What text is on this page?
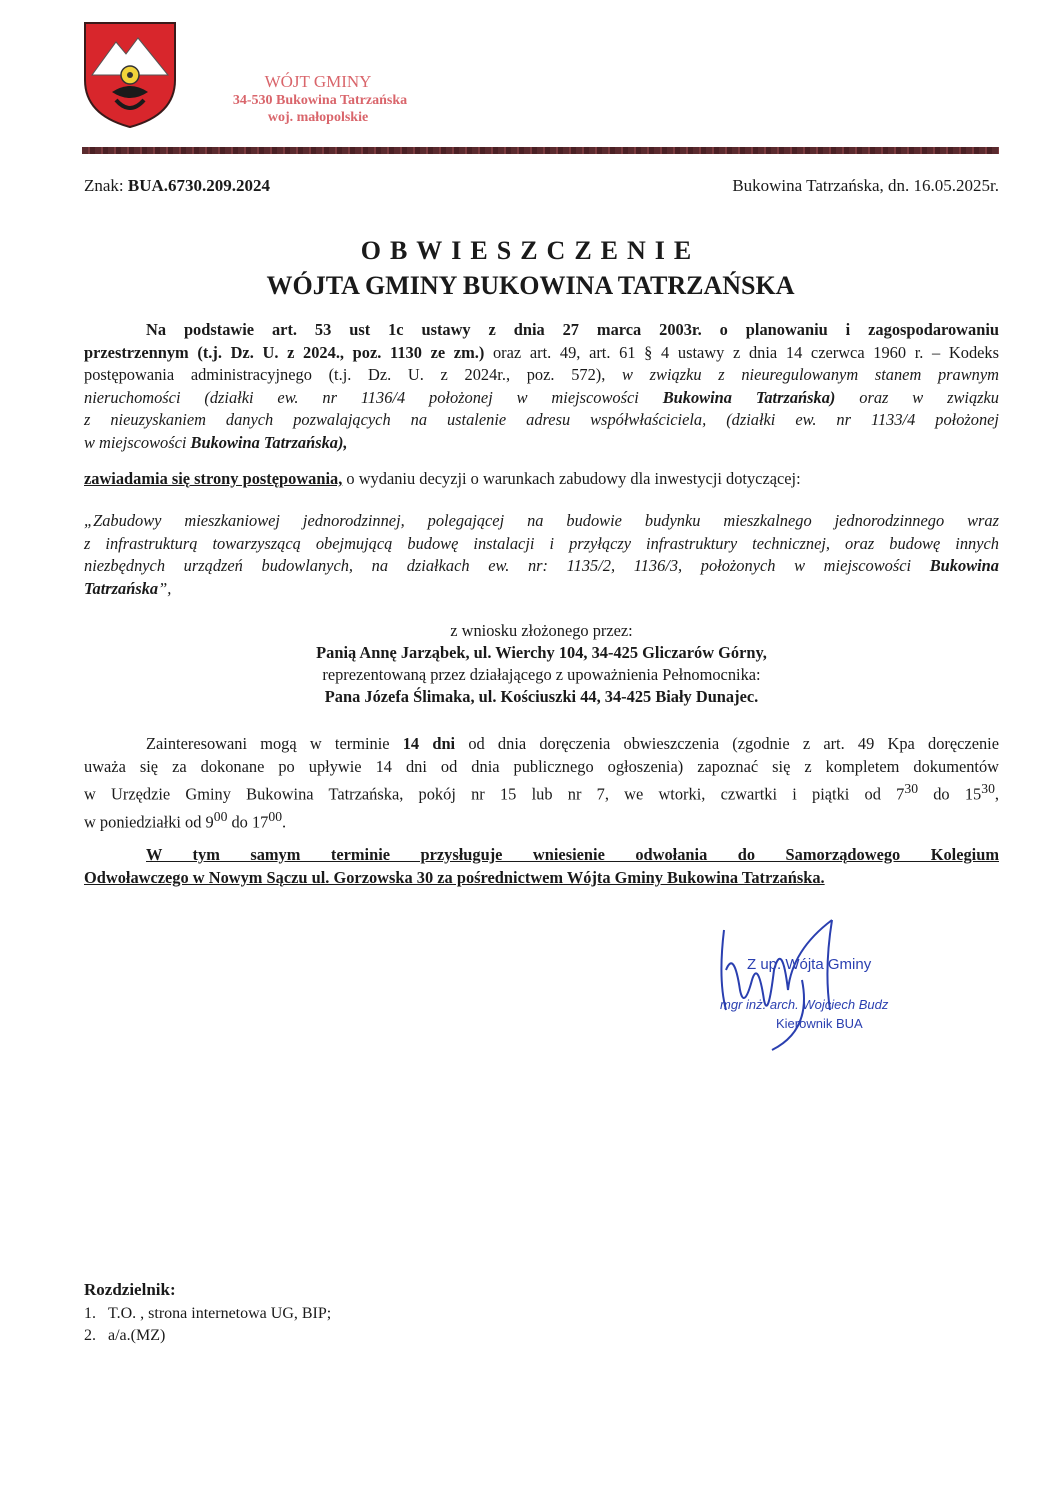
WÓJT GMINY
34-530 Bukowina Tatrzańska
woj. małopolskie
Znak: BUA.6730.209.2024	Bukowina Tatrzańska, dn. 16.05.2025r.
OBWIESZCZENIE
WÓJTA GMINY BUKOWINA TATRZAŃSKA
Na podstawie art. 53 ust 1c ustawy z dnia 27 marca 2003r. o planowaniu i zagospodarowaniu
przestrzennym (t.j. Dz. U. z 2024., poz. 1130 ze zm.) oraz art. 49, art. 61 § 4 ustawy z dnia 14 czerwca 1960 r. – Kodeks
postępowania administracyjnego (t.j. Dz. U. z 2024r., poz. 572), w związku z nieuregulowanym stanem prawnym
nieruchomości (działki ew. nr 1136/4 położonej w miejscowości Bukowina Tatrzańska) oraz w związku
z nieuzyskaniem danych pozwalających na ustalenie adresu współwłaściciela, (działki ew. nr 1133/4 położonej
w miejscowości Bukowina Tatrzańska),
zawiadamia się strony postępowania, o wydaniu decyzji o warunkach zabudowy dla inwestycji dotyczącej:
„Zabudowy mieszkaniowej jednorodzinnej, polegającej na budowie budynku mieszkalnego jednorodzinnego wraz
z infrastrukturą towarzyszącą obejmującą budowę instalacji i przyłączy infrastruktury technicznej, oraz budowę innych
niezbędnych urządzeń budowlanych, na działkach ew. nr: 1135/2, 1136/3, położonych w miejscowości Bukowina
Tatrzańska”,
z wniosku złożonego przez:
Panią Annę Jarząbek, ul. Wierchy 104, 34-425 Gliczarów Górny,
reprezentowaną przez działającego z upoważnienia Pełnomocnika:
Pana Józefa Ślimaka, ul. Kościuszki 44, 34-425 Biały Dunajec.
Zainteresowani mogą w terminie 14 dni od dnia doręczenia obwieszczenia (zgodnie z art. 49 Kpa doręczenie
uważa się za dokonane po upływie 14 dni od dnia publicznego ogłoszenia) zapoznać się z kompletem dokumentów
w Urzędzie Gminy Bukowina Tatrzańska, pokój nr 15 lub nr 7, we wtorki, czwartki i piątki od $7^{30}$ do $15^{30}$,
w poniedziałki od $9^{00}$ do $17^{00}$.
W tym samym terminie przysługuje wniesienie odwołania do Samorządowego Kolegium
Odwoławczego w Nowym Sączu ul. Gorzowska 30 za pośrednictwem Wójta Gminy Bukowina Tatrzańska.
Z up. Wójta Gminy
mgr inż. arch. Wojciech Budz
Kierownik BUA
Rozdzielnik:
1. T.O. , strona internetowa UG, BIP;
2. a/a.(MZ)
